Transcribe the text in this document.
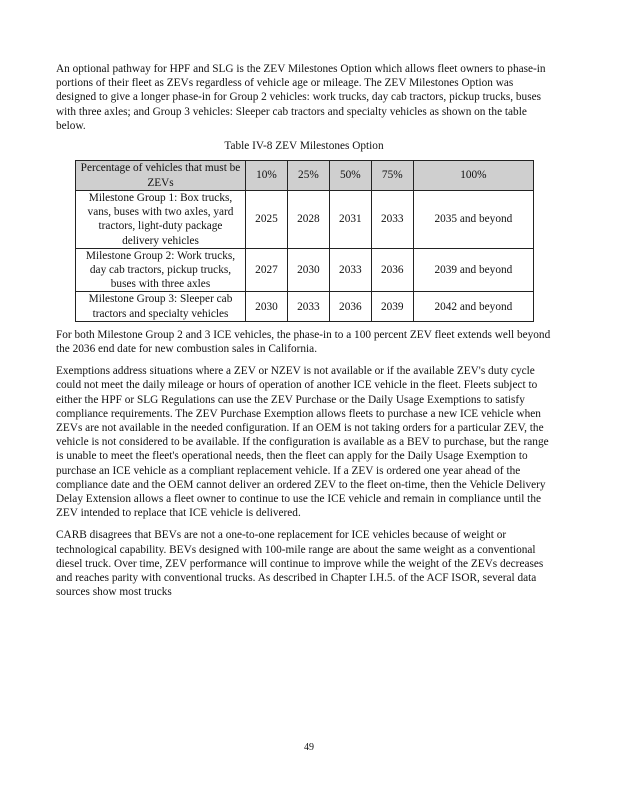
An optional pathway for HPF and SLG is the ZEV Milestones Option which allows fleet owners to phase-in portions of their fleet as ZEVs regardless of vehicle age or mileage. The ZEV Milestones Option was designed to give a longer phase-in for Group 2 vehicles: work trucks, day cab tractors, pickup trucks, buses with three axles; and Group 3 vehicles: Sleeper cab tractors and specialty vehicles as shown on the table below.

Table IV-8 ZEV Milestones Option
Percentage of vehicles that must be ZEVs	10%	25%	50%	75%	100%
Milestone Group 1: Box trucks, vans, buses with two axles, yard tractors, light-duty package delivery vehicles	2025	2028	2031	2033	2035 and beyond
Milestone Group 2: Work trucks, day cab tractors, pickup trucks, buses with three axles	2027	2030	2033	2036	2039 and beyond
Milestone Group 3: Sleeper cab tractors and specialty vehicles	2030	2033	2036	2039	2042 and beyond

For both Milestone Group 2 and 3 ICE vehicles, the phase-in to a 100 percent ZEV fleet extends well beyond the 2036 end date for new combustion sales in California.

Exemptions address situations where a ZEV or NZEV is not available or if the available ZEV's duty cycle could not meet the daily mileage or hours of operation of another ICE vehicle in the fleet. Fleets subject to either the HPF or SLG Regulations can use the ZEV Purchase or the Daily Usage Exemptions to satisfy compliance requirements. The ZEV Purchase Exemption allows fleets to purchase a new ICE vehicle when ZEVs are not available in the needed configuration. If an OEM is not taking orders for a particular ZEV, the vehicle is not considered to be available. If the configuration is available as a BEV to purchase, but the range is unable to meet the fleet's operational needs, then the fleet can apply for the Daily Usage Exemption to purchase an ICE vehicle as a compliant replacement vehicle. If a ZEV is ordered one year ahead of the compliance date and the OEM cannot deliver an ordered ZEV to the fleet on-time, then the Vehicle Delivery Delay Extension allows a fleet owner to continue to use the ICE vehicle and remain in compliance until the ZEV intended to replace that ICE vehicle is delivered.

CARB disagrees that BEVs are not a one-to-one replacement for ICE vehicles because of weight or technological capability. BEVs designed with 100-mile range are about the same weight as a conventional diesel truck. Over time, ZEV performance will continue to improve while the weight of the ZEVs decreases and reaches parity with conventional trucks. As described in Chapter I.H.5. of the ACF ISOR, several data sources show most trucks

49
